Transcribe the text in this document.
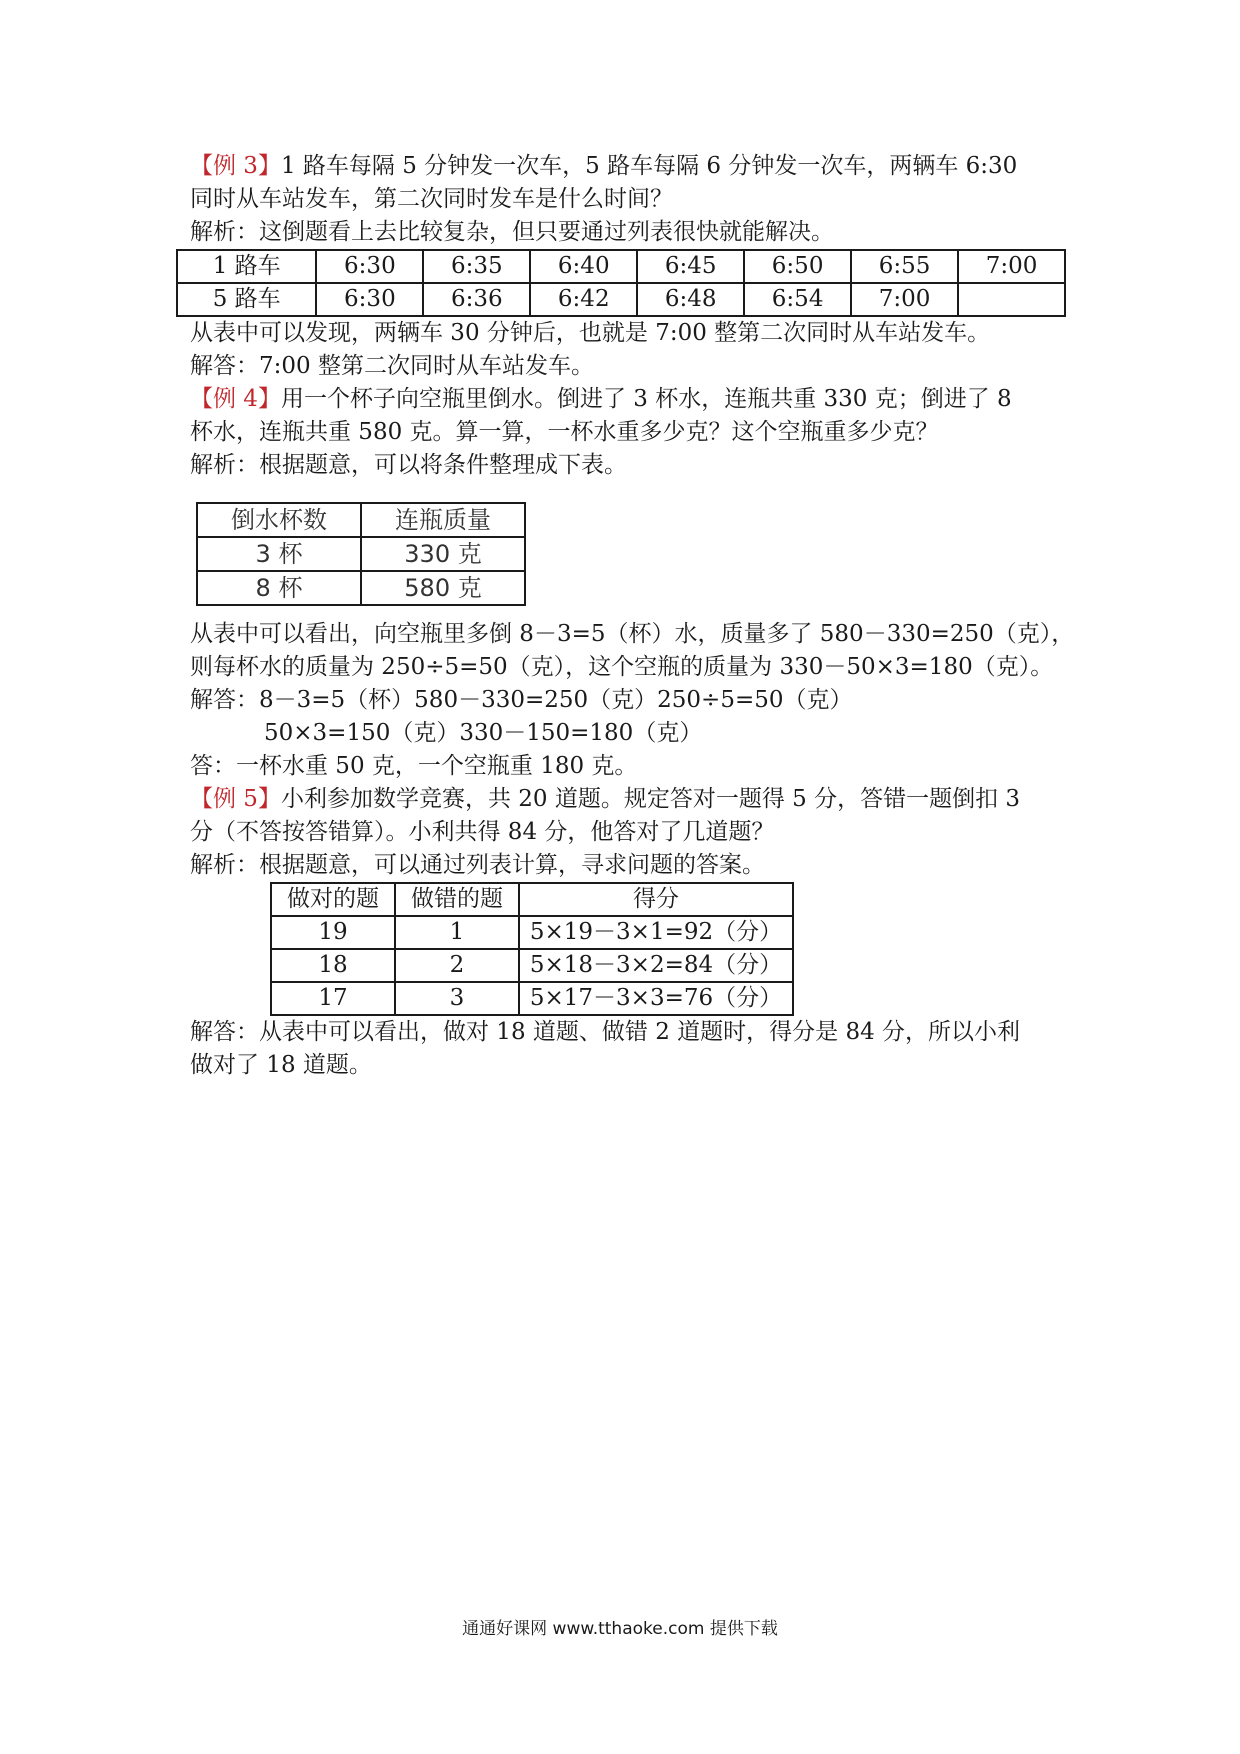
【例 3】1 路车每隔 5 分钟发一次车，5 路车每隔 6 分钟发一次车，两辆车 6:30
同时从车站发车，第二次同时发车是什么时间？
解析：这倒题看上去比较复杂，但只要通过列表很快就能解决。
1 路车	6:30	6:35	6:40	6:45	6:50	6:55	7:00
5 路车	6:30	6:36	6:42	6:48	6:54	7:00	
从表中可以发现，两辆车 30 分钟后，也就是 7:00 整第二次同时从车站发车。
解答：7:00 整第二次同时从车站发车。
【例 4】用一个杯子向空瓶里倒水。倒进了 3 杯水，连瓶共重 330 克；倒进了 8
杯水，连瓶共重 580 克。算一算，一杯水重多少克？这个空瓶重多少克？
解析：根据题意，可以将条件整理成下表。
倒水杯数	连瓶质量
3 杯	330 克
8 杯	580 克
从表中可以看出，向空瓶里多倒 8－3=5（杯）水，质量多了 580－330=250（克），
则每杯水的质量为 250÷5=50（克），这个空瓶的质量为 330－50×3=180（克）。
解答：8－3=5（杯）580－330=250（克）250÷5=50（克）
50×3=150（克）330－150=180（克）
答：一杯水重 50 克，一个空瓶重 180 克。
【例 5】小利参加数学竞赛，共 20 道题。规定答对一题得 5 分，答错一题倒扣 3
分（不答按答错算）。小利共得 84 分，他答对了几道题？
解析：根据题意，可以通过列表计算，寻求问题的答案。
做对的题	做错的题	得分
19	1	5×19－3×1=92（分）
18	2	5×18－3×2=84（分）
17	3	5×17－3×3=76（分）
解答：从表中可以看出，做对 18 道题、做错 2 道题时，得分是 84 分，所以小利
做对了 18 道题。
通通好课网 www.tthaoke.com 提供下载
